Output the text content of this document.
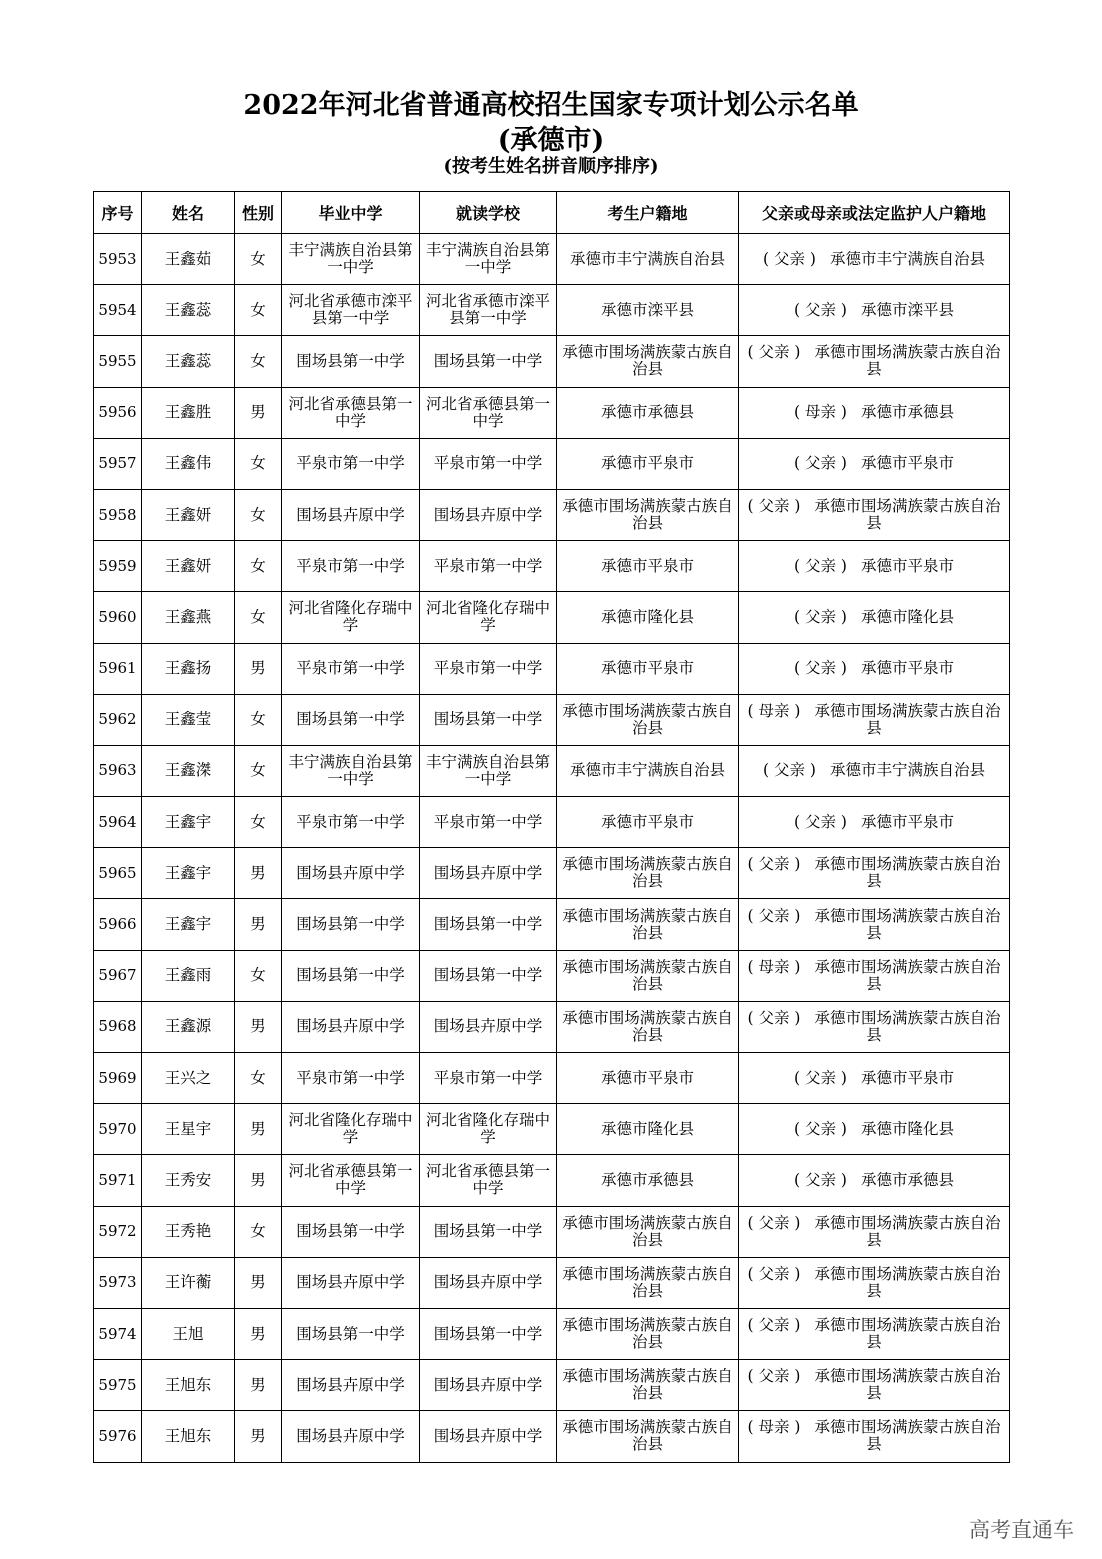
2022年河北省普通高校招生国家专项计划公示名单
(承德市)
(按考生姓名拼音顺序排序)
序号	姓名	性别	毕业中学	就读学校	考生户籍地	父亲或母亲或法定监护人户籍地
5953	王鑫茹	女	丰宁满族自治县第一中学	丰宁满族自治县第一中学	承德市丰宁满族自治县	( 父亲 ) 承德市丰宁满族自治县
5954	王鑫蕊	女	河北省承德市滦平县第一中学	河北省承德市滦平县第一中学	承德市滦平县	( 父亲 ) 承德市滦平县
5955	王鑫蕊	女	围场县第一中学	围场县第一中学	承德市围场满族蒙古族自治县	( 父亲 ) 承德市围场满族蒙古族自治县
5956	王鑫胜	男	河北省承德县第一中学	河北省承德县第一中学	承德市承德县	( 母亲 ) 承德市承德县
5957	王鑫伟	女	平泉市第一中学	平泉市第一中学	承德市平泉市	( 父亲 ) 承德市平泉市
5958	王鑫妍	女	围场县卉原中学	围场县卉原中学	承德市围场满族蒙古族自治县	( 父亲 ) 承德市围场满族蒙古族自治县
5959	王鑫妍	女	平泉市第一中学	平泉市第一中学	承德市平泉市	( 父亲 ) 承德市平泉市
5960	王鑫燕	女	河北省隆化存瑞中学	河北省隆化存瑞中学	承德市隆化县	( 父亲 ) 承德市隆化县
5961	王鑫扬	男	平泉市第一中学	平泉市第一中学	承德市平泉市	( 父亲 ) 承德市平泉市
5962	王鑫莹	女	围场县第一中学	围场县第一中学	承德市围场满族蒙古族自治县	( 母亲 ) 承德市围场满族蒙古族自治县
5963	王鑫滐	女	丰宁满族自治县第一中学	丰宁满族自治县第一中学	承德市丰宁满族自治县	( 父亲 ) 承德市丰宁满族自治县
5964	王鑫宇	女	平泉市第一中学	平泉市第一中学	承德市平泉市	( 父亲 ) 承德市平泉市
5965	王鑫宇	男	围场县卉原中学	围场县卉原中学	承德市围场满族蒙古族自治县	( 父亲 ) 承德市围场满族蒙古族自治县
5966	王鑫宇	男	围场县第一中学	围场县第一中学	承德市围场满族蒙古族自治县	( 父亲 ) 承德市围场满族蒙古族自治县
5967	王鑫雨	女	围场县第一中学	围场县第一中学	承德市围场满族蒙古族自治县	( 母亲 ) 承德市围场满族蒙古族自治县
5968	王鑫源	男	围场县卉原中学	围场县卉原中学	承德市围场满族蒙古族自治县	( 父亲 ) 承德市围场满族蒙古族自治县
5969	王兴之	女	平泉市第一中学	平泉市第一中学	承德市平泉市	( 父亲 ) 承德市平泉市
5970	王星宇	男	河北省隆化存瑞中学	河北省隆化存瑞中学	承德市隆化县	( 父亲 ) 承德市隆化县
5971	王秀安	男	河北省承德县第一中学	河北省承德县第一中学	承德市承德县	( 父亲 ) 承德市承德县
5972	王秀艳	女	围场县第一中学	围场县第一中学	承德市围场满族蒙古族自治县	( 父亲 ) 承德市围场满族蒙古族自治县
5973	王许蘅	男	围场县卉原中学	围场县卉原中学	承德市围场满族蒙古族自治县	( 父亲 ) 承德市围场满族蒙古族自治县
5974	王旭	男	围场县第一中学	围场县第一中学	承德市围场满族蒙古族自治县	( 父亲 ) 承德市围场满族蒙古族自治县
5975	王旭东	男	围场县卉原中学	围场县卉原中学	承德市围场满族蒙古族自治县	( 父亲 ) 承德市围场满族蒙古族自治县
5976	王旭东	男	围场县卉原中学	围场县卉原中学	承德市围场满族蒙古族自治县	( 母亲 ) 承德市围场满族蒙古族自治县
高考直通车
